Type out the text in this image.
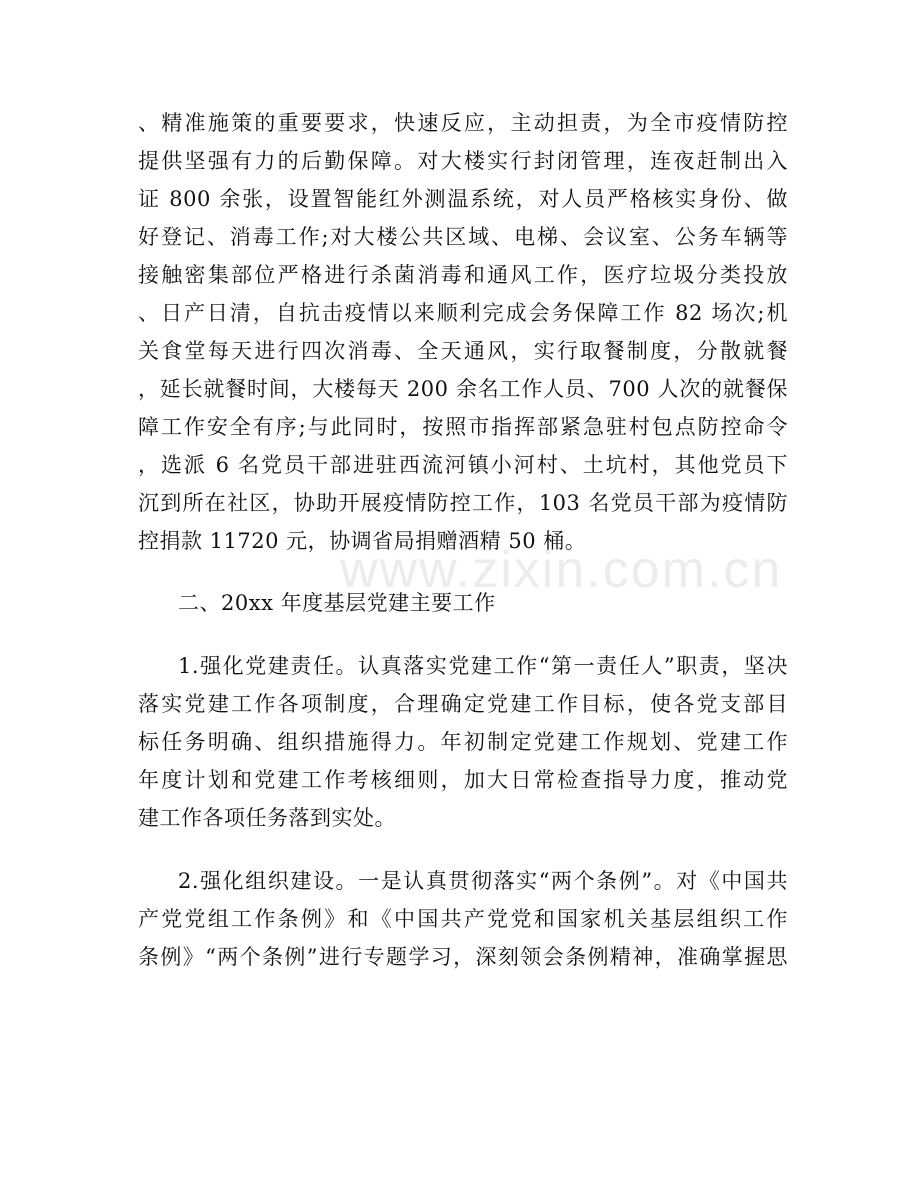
www.zixin.com.cn
、精准施策的重要要求，快速反应，主动担责，为全市疫情防控
提供坚强有力的后勤保障。对大楼实行封闭管理，连夜赶制出入
证 800 余张，设置智能红外测温系统，对人员严格核实身份、做
好登记、消毒工作;对大楼公共区域、电梯、会议室、公务车辆等
接触密集部位严格进行杀菌消毒和通风工作，医疗垃圾分类投放
、日产日清，自抗击疫情以来顺利完成会务保障工作 82 场次;机
关食堂每天进行四次消毒、全天通风，实行取餐制度，分散就餐
，延长就餐时间，大楼每天 200 余名工作人员、700 人次的就餐保
障工作安全有序;与此同时，按照市指挥部紧急驻村包点防控命令
，选派 6 名党员干部进驻西流河镇小河村、土坑村，其他党员下
沉到所在社区，协助开展疫情防控工作，103 名党员干部为疫情防
控捐款 11720 元，协调省局捐赠酒精 50 桶。
二、20xx 年度基层党建主要工作
1.强化党建责任。认真落实党建工作“第一责任人”职责，坚决
落实党建工作各项制度，合理确定党建工作目标，使各党支部目
标任务明确、组织措施得力。年初制定党建工作规划、党建工作
年度计划和党建工作考核细则，加大日常检查指导力度，推动党
建工作各项任务落到实处。
2.强化组织建设。一是认真贯彻落实“两个条例”。对《中国共
产党党组工作条例》和《中国共产党党和国家机关基层组织工作
条例》“两个条例”进行专题学习，深刻领会条例精神，准确掌握思
